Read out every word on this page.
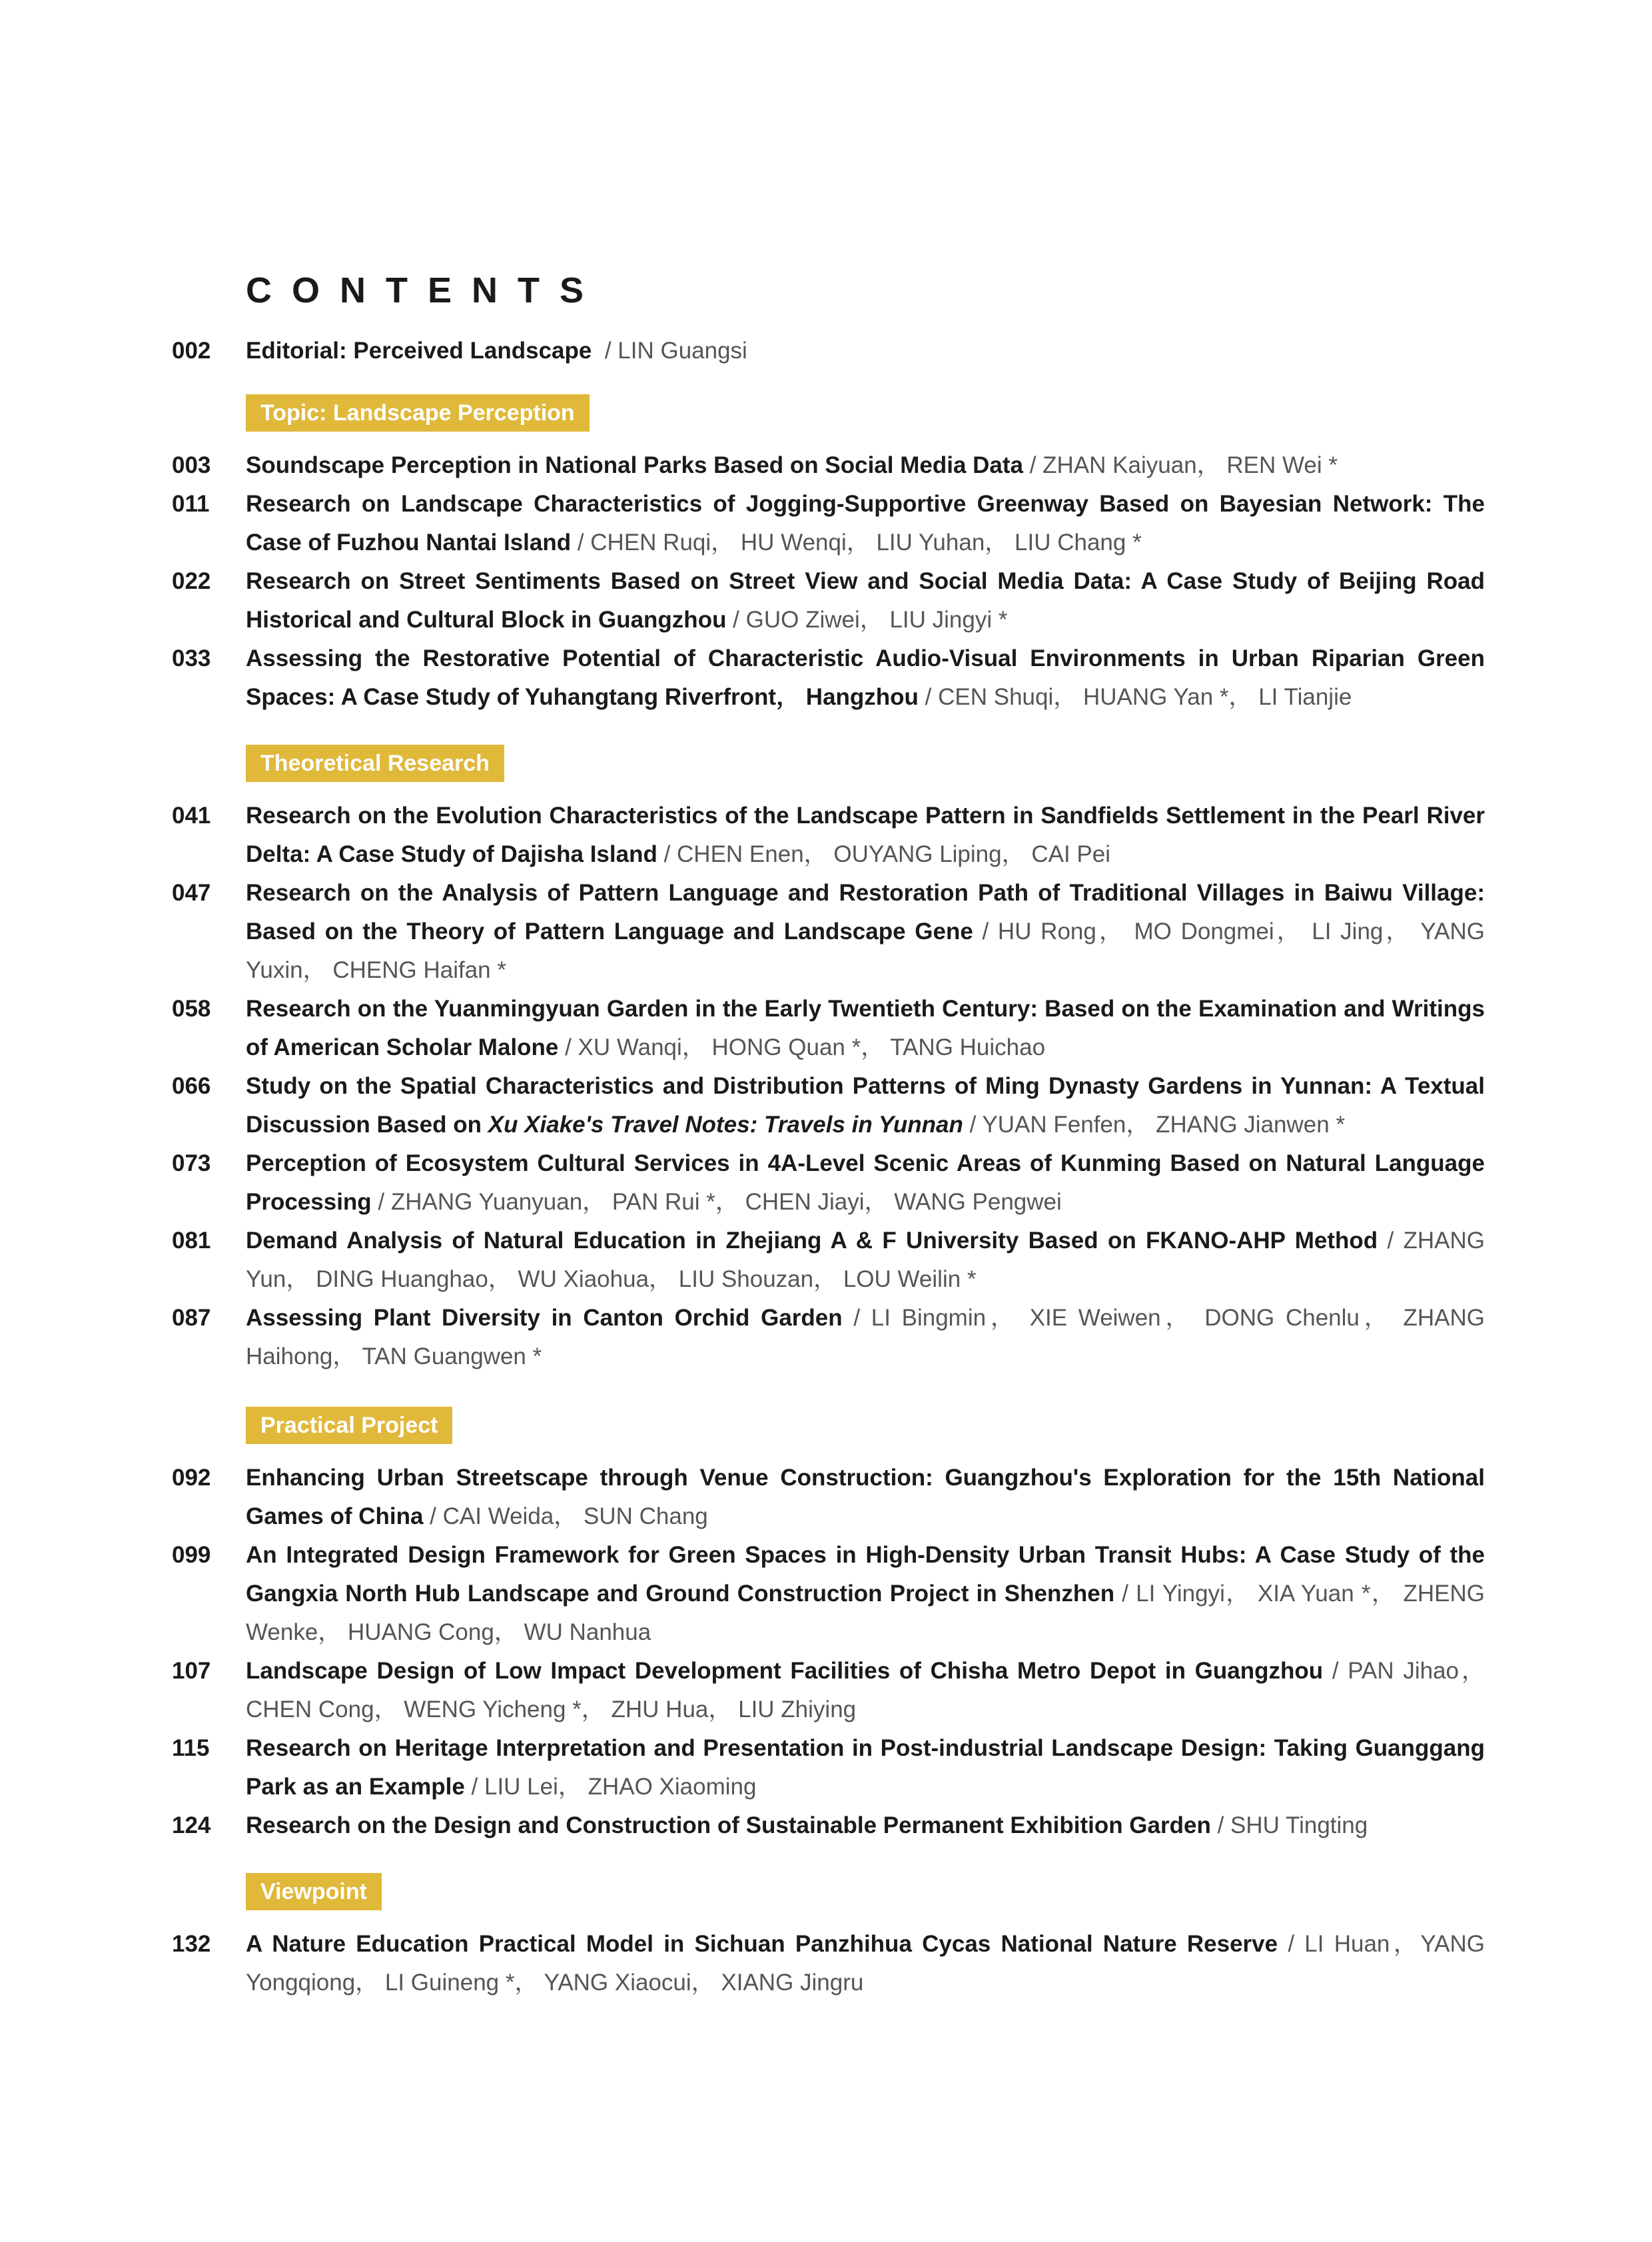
CONTENTS
002 Editorial: Perceived Landscape / LIN Guangsi
Topic: Landscape Perception
003 Soundscape Perception in National Parks Based on Social Media Data / ZHAN Kaiyuan， REN Wei *
011 Research on Landscape Characteristics of Jogging-Supportive Greenway Based on Bayesian Network: The Case of Fuzhou Nantai Island / CHEN Ruqi， HU Wenqi， LIU Yuhan， LIU Chang *
022 Research on Street Sentiments Based on Street View and Social Media Data: A Case Study of Beijing Road Historical and Cultural Block in Guangzhou / GUO Ziwei， LIU Jingyi *
033 Assessing the Restorative Potential of Characteristic Audio-Visual Environments in Urban Riparian Green Spaces: A Case Study of Yuhangtang Riverfront， Hangzhou / CEN Shuqi， HUANG Yan *， LI Tianjie
Theoretical Research
041 Research on the Evolution Characteristics of the Landscape Pattern in Sandfields Settlement in the Pearl River Delta: A Case Study of Dajisha Island / CHEN Enen， OUYANG Liping， CAI Pei
047 Research on the Analysis of Pattern Language and Restoration Path of Traditional Villages in Baiwu Village: Based on the Theory of Pattern Language and Landscape Gene / HU Rong， MO Dongmei， LI Jing， YANG Yuxin， CHENG Haifan *
058 Research on the Yuanmingyuan Garden in the Early Twentieth Century: Based on the Examination and Writings of American Scholar Malone / XU Wanqi， HONG Quan *， TANG Huichao
066 Study on the Spatial Characteristics and Distribution Patterns of Ming Dynasty Gardens in Yunnan: A Textual Discussion Based on Xu Xiake's Travel Notes: Travels in Yunnan / YUAN Fenfen， ZHANG Jianwen *
073 Perception of Ecosystem Cultural Services in 4A-Level Scenic Areas of Kunming Based on Natural Language Processing / ZHANG Yuanyuan， PAN Rui *， CHEN Jiayi， WANG Pengwei
081 Demand Analysis of Natural Education in Zhejiang A & F University Based on FKANO-AHP Method / ZHANG Yun， DING Huanghao， WU Xiaohua， LIU Shouzan， LOU Weilin *
087 Assessing Plant Diversity in Canton Orchid Garden / LI Bingmin， XIE Weiwen， DONG Chenlu， ZHANG Haihong， TAN Guangwen *
Practical Project
092 Enhancing Urban Streetscape through Venue Construction: Guangzhou's Exploration for the 15th National Games of China / CAI Weida， SUN Chang
099 An Integrated Design Framework for Green Spaces in High-Density Urban Transit Hubs: A Case Study of the Gangxia North Hub Landscape and Ground Construction Project in Shenzhen / LI Yingyi， XIA Yuan *， ZHENG Wenke， HUANG Cong， WU Nanhua
107 Landscape Design of Low Impact Development Facilities of Chisha Metro Depot in Guangzhou / PAN Jihao， CHEN Cong， WENG Yicheng *， ZHU Hua， LIU Zhiying
115 Research on Heritage Interpretation and Presentation in Post-industrial Landscape Design: Taking Guanggang Park as an Example / LIU Lei， ZHAO Xiaoming
124 Research on the Design and Construction of Sustainable Permanent Exhibition Garden / SHU Tingting
Viewpoint
132 A Nature Education Practical Model in Sichuan Panzhihua Cycas National Nature Reserve / LI Huan，YANG Yongqiong， LI Guineng *， YANG Xiaocui， XIANG Jingru
